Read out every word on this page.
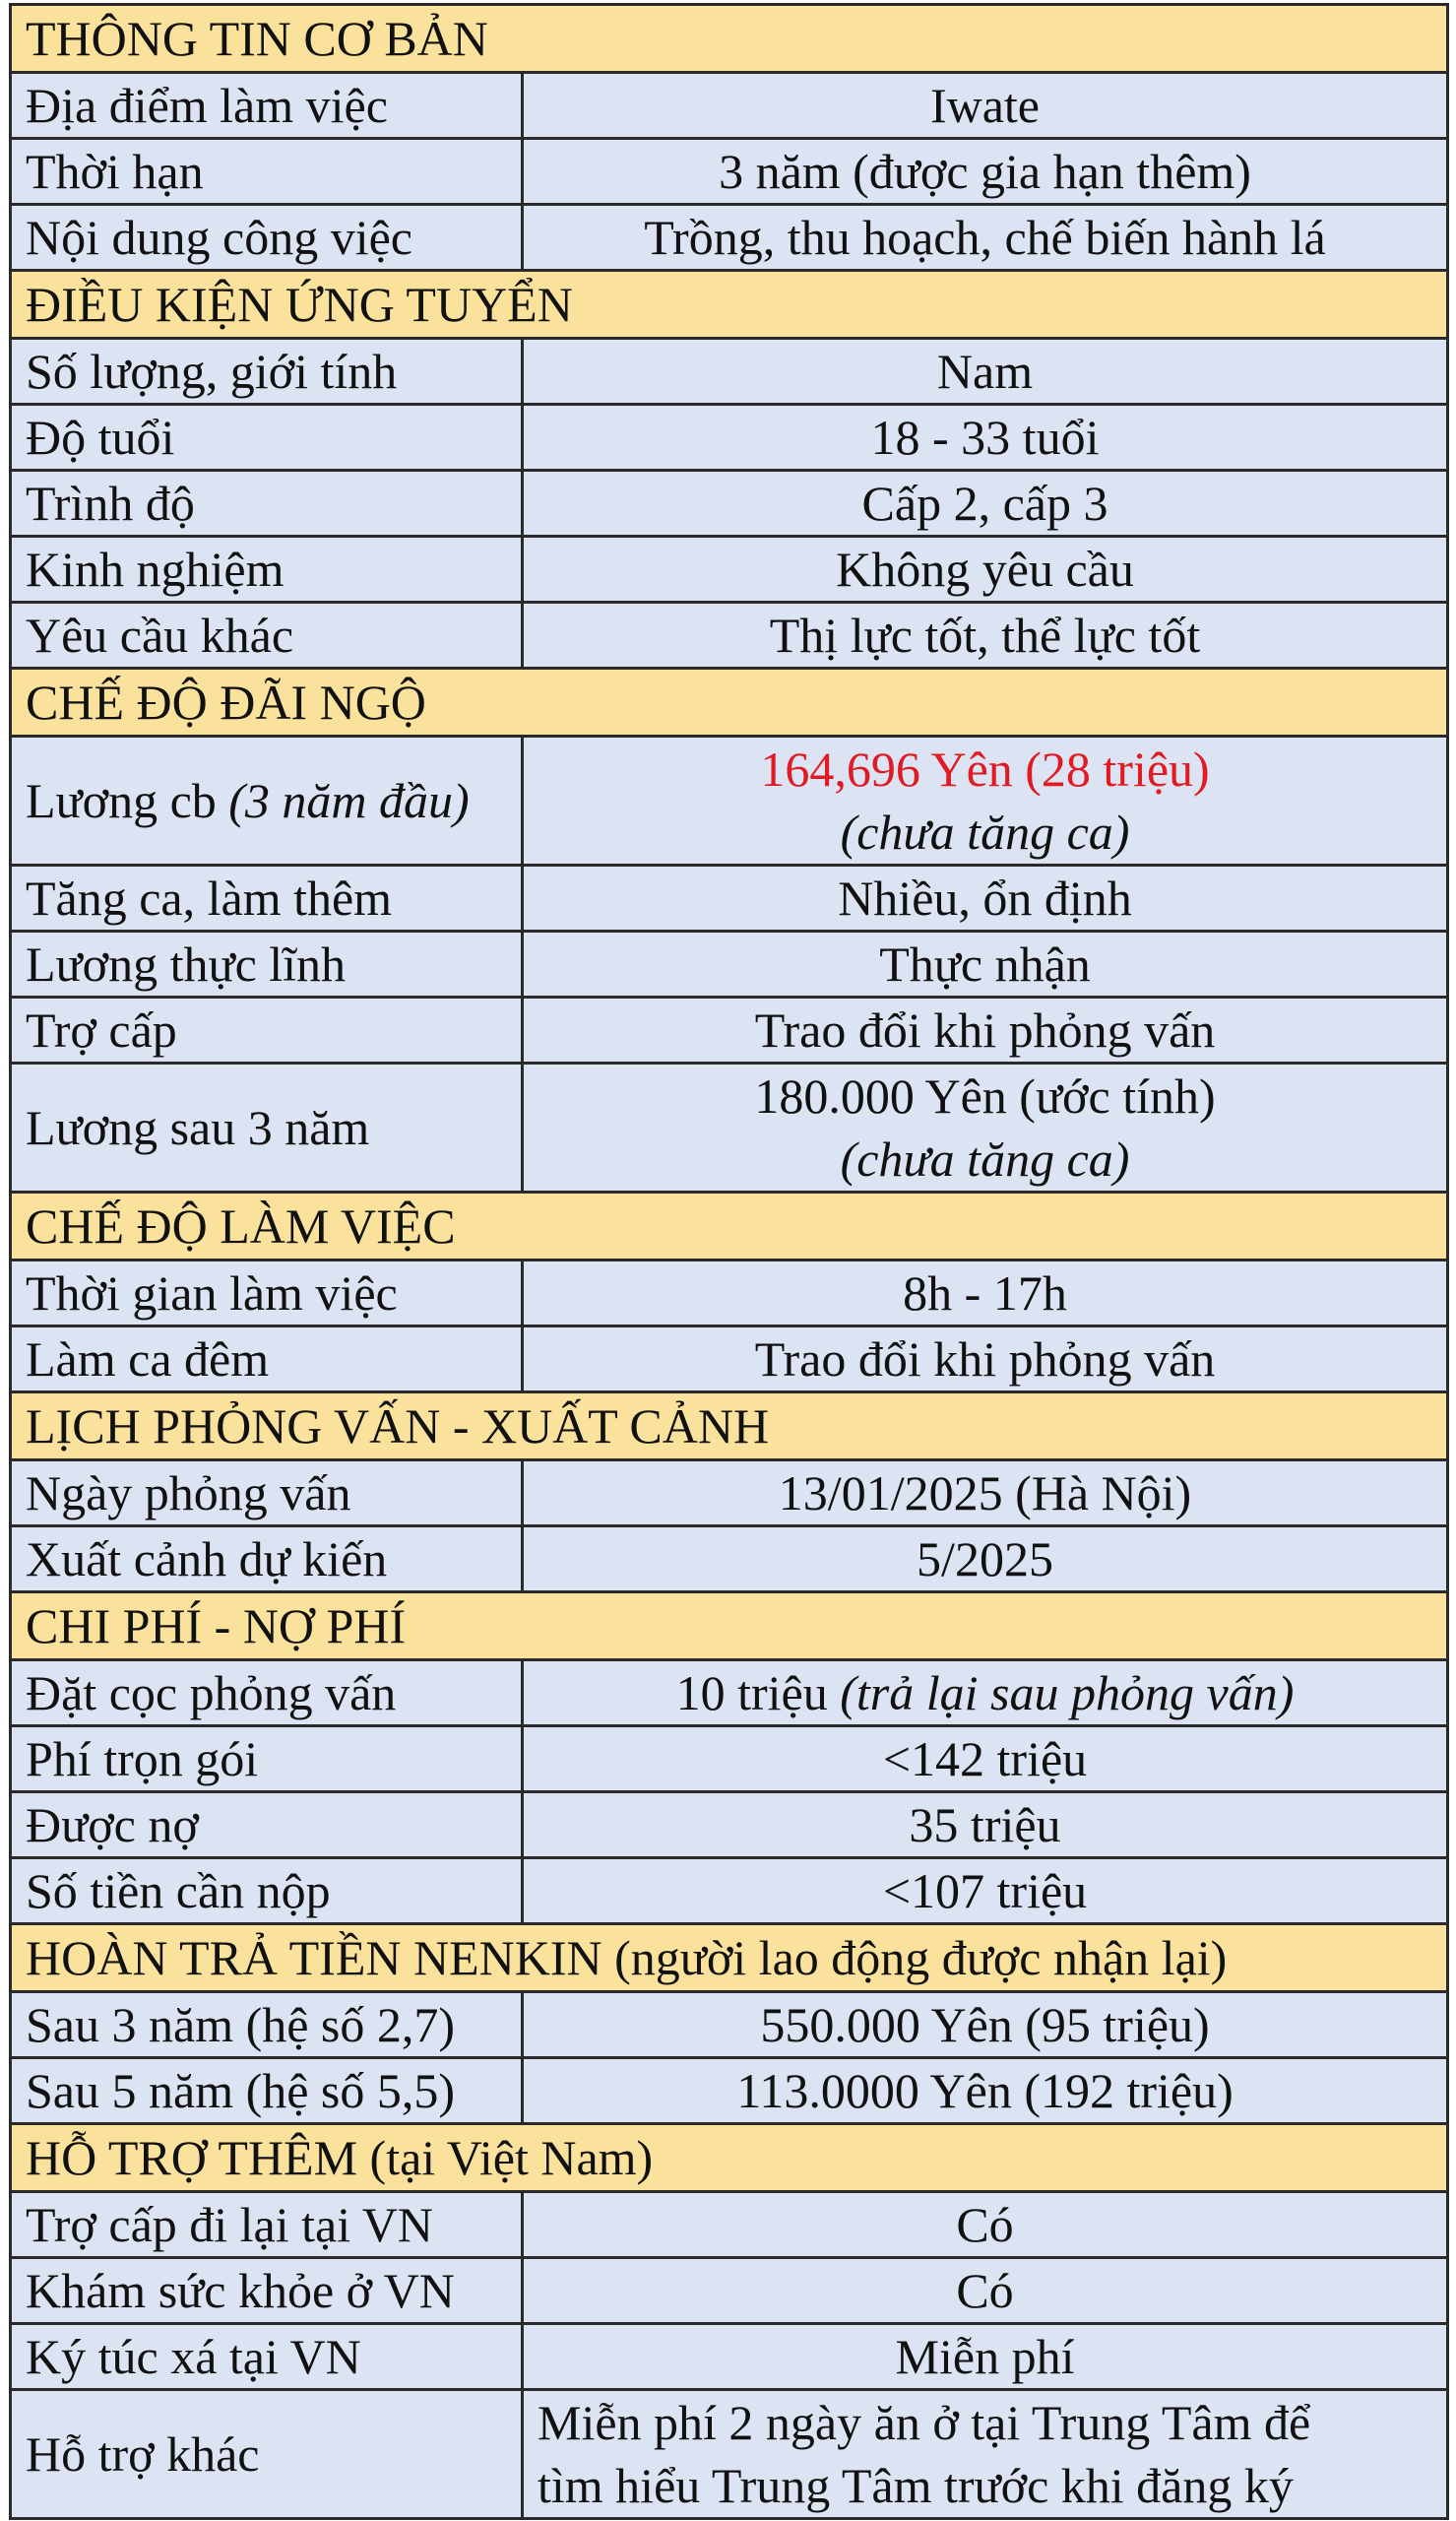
THÔNG TIN CƠ BẢN	
Địa điểm làm việc	Iwate
Thời hạn	3 năm (được gia hạn thêm)
Nội dung công việc	Trồng, thu hoạch, chế biến hành lá
ĐIỀU KIỆN ỨNG TUYỂN	
Số lượng, giới tính	Nam
Độ tuổi	18 - 33 tuổi
Trình độ	Cấp 2, cấp 3
Kinh nghiệm	Không yêu cầu
Yêu cầu khác	Thị lực tốt, thể lực tốt
CHẾ ĐỘ ĐÃI NGỘ	
Lương cb (3 năm đầu)	164,696 Yên (28 triệu)
(chưa tăng ca)

Tăng ca, làm thêm	Nhiều, ổn định
Lương thực lĩnh	Thực nhận
Trợ cấp	Trao đổi khi phỏng vấn
Lương sau 3 năm	180.000 Yên (ước tính)
(chưa tăng ca)

CHẾ ĐỘ LÀM VIỆC	
Thời gian làm việc	8h - 17h
Làm ca đêm	Trao đổi khi phỏng vấn
LỊCH PHỎNG VẤN - XUẤT CẢNH	
Ngày phỏng vấn	13/01/2025 (Hà Nội)
Xuất cảnh dự kiến	5/2025
CHI PHÍ - NỢ PHÍ	
Đặt cọc phỏng vấn	10 triệu (trả lại sau phỏng vấn)
Phí trọn gói	<142 triệu
Được nợ	35 triệu
Số tiền cần nộp	<107 triệu
HOÀN TRẢ TIỀN NENKIN (người lao động được nhận lại)	
Sau 3 năm (hệ số 2,7)	550.000 Yên (95 triệu)
Sau 5 năm (hệ số 5,5)	113.0000 Yên (192 triệu)
HỖ TRỢ THÊM (tại Việt Nam)	
Trợ cấp đi lại tại VN	Có
Khám sức khỏe ở VN	Có
Ký túc xá tại VN	Miễn phí
Hỗ trợ khác	Miễn phí 2 ngày ăn ở tại Trung Tâm để
tìm hiểu Trung Tâm trước khi đăng ký
